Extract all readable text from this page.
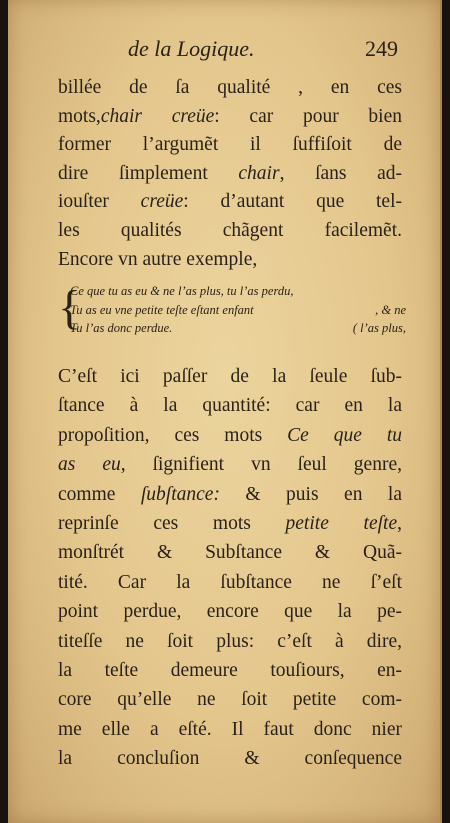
de la Logique.	249
billée de ſa qualité , en ces
mots,chair creüe: car pour bien
former l’argumẽt il ſuffiſoit de
dire ſimplement chair, ſans ad-
iouſter creüe: d’autant que tel-
les qualités chãgent facilemẽt.
Encore vn autre exemple,
{
Ce que tu as eu & ne l’as plus, tu l’as perdu,
Tu as eu vne petite teſte eſtant enfant	, & ne
Tu l’as donc perdue.	( l’as plus,
C’eſt ici paſſer de la ſeule ſub-
ſtance à la quantité: car en la
propoſition, ces mots Ce que tu
as eu, ſignifient vn ſeul genre,
comme ſubſtance: & puis en la
reprinſe ces mots petite teſte,
monſtrét & Subſtance & Quã-
tité. Car la ſubſtance ne ſ’eſt
point perdue, encore que la pe-
titeſſe ne ſoit plus: c’eſt à dire,
la teſte demeure touſiours, en-
core qu’elle ne ſoit petite com-
me elle a eſté. Il faut donc nier
la concluſion & conſequence
